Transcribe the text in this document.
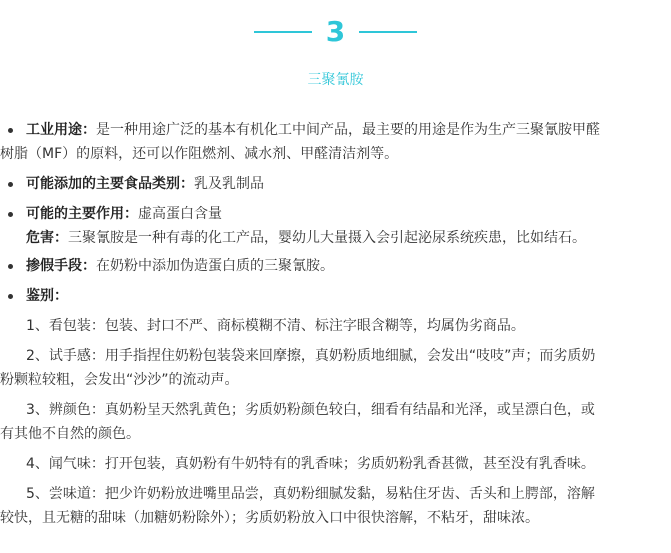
3
三聚氰胺
工业用途：是一种用途广泛的基本有机化工中间产品，最主要的用途是作为生产三聚氰胺甲醛
树脂（MF）的原料，还可以作阻燃剂、减水剂、甲醛清洁剂等。
可能添加的主要食品类别：乳及乳制品
可能的主要作用：虚高蛋白含量
危害：三聚氰胺是一种有毒的化工产品，婴幼儿大量摄入会引起泌尿系统疾患，比如结石。
掺假手段：在奶粉中添加伪造蛋白质的三聚氰胺。
鉴别：
1、看包装：包装、封口不严、商标模糊不清、标注字眼含糊等，均属伪劣商品。
2、试手感：用手指捏住奶粉包装袋来回摩擦，真奶粉质地细腻，会发出“吱吱”声；而劣质奶
粉颗粒较粗，会发出“沙沙”的流动声。
3、辨颜色：真奶粉呈天然乳黄色；劣质奶粉颜色较白，细看有结晶和光泽，或呈漂白色，或
有其他不自然的颜色。
4、闻气味：打开包装，真奶粉有牛奶特有的乳香味；劣质奶粉乳香甚微，甚至没有乳香味。
5、尝味道：把少许奶粉放进嘴里品尝，真奶粉细腻发黏，易粘住牙齿、舌头和上腭部，溶解
较快，且无糖的甜味（加糖奶粉除外）；劣质奶粉放入口中很快溶解，不粘牙，甜味浓。
